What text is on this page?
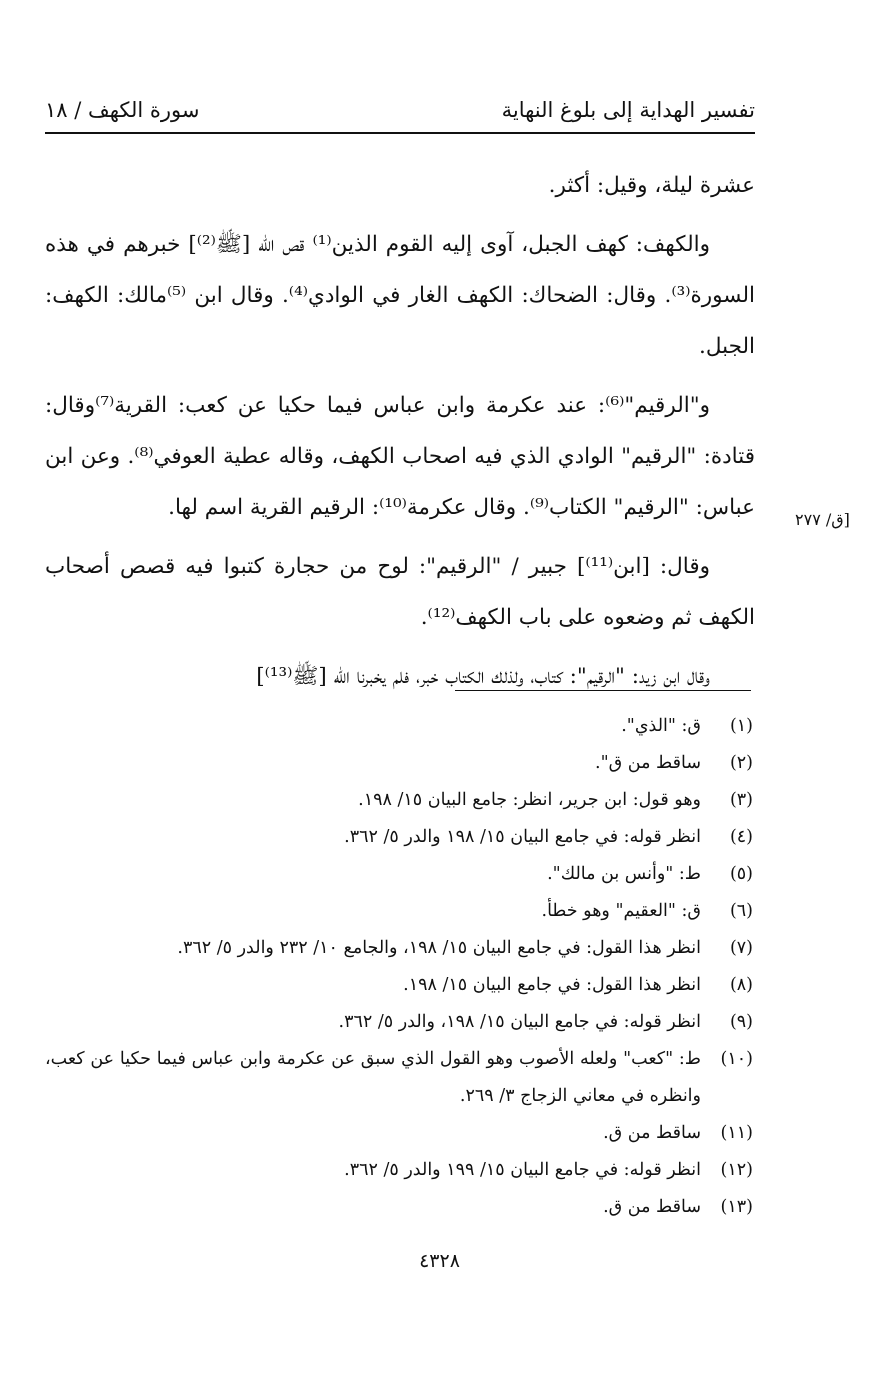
تفسير الهداية إلى بلوغ النهاية
سورة الكهف / ١٨
[ق/ ٢٧٧

عشرة ليلة، وقيل: أكثر.

والكهف: كهف الجبل، آوى إليه القوم الذين⁽¹⁾ قص الله [ﷺ⁽²⁾] خبرهم في هذه السورة⁽³⁾. وقال: الضحاك: الكهف الغار في الوادي⁽⁴⁾. وقال ابن ⁽⁵⁾مالك: الكهف: الجبل.

و"الرقيم"⁽⁶⁾: عند عكرمة وابن عباس فيما حكيا عن كعب: القرية⁽⁷⁾وقال: قتادة: "الرقيم" الوادي الذي فيه اصحاب الكهف، وقاله عطية العوفي⁽⁸⁾. وعن ابن عباس: "الرقيم" الكتاب⁽⁹⁾. وقال عكرمة⁽¹⁰⁾: الرقيم القرية اسم لها.

وقال: [ابن⁽¹¹⁾] جبير / "الرقيم": لوح من حجارة كتبوا فيه قصص أصحاب الكهف ثم وضعوه على باب الكهف⁽¹²⁾.

وقال ابن زيد: "الرقيم": كتاب، ولذلك الكتاب خبر، فلم يخبرنا الله [ﷺ⁽¹³⁾]

(١)
ق: "الذي".
(٢)
ساقط من ق".
(٣)
وهو قول: ابن جرير، انظر: جامع البيان ١٥/ ١٩٨.
(٤)
انظر قوله: في جامع البيان ١٥/ ١٩٨ والدر ٥/ ٣٦٢.
(٥)
ط: "وأنس بن مالك".
(٦)
ق: "العقيم" وهو خطأ.
(٧)
انظر هذا القول: في جامع البيان ١٥/ ١٩٨، والجامع ١٠/ ٢٣٢ والدر ٥/ ٣٦٢.
(٨)
انظر هذا القول: في جامع البيان ١٥/ ١٩٨.
(٩)
انظر قوله: في جامع البيان ١٥/ ١٩٨، والدر ٥/ ٣٦٢.
(١٠)
ط: "كعب" ولعله الأصوب وهو القول الذي سبق عن عكرمة وابن عباس فيما حكيا عن كعب، وانظره في معاني الزجاج ٣/ ٢٦٩.
(١١)
ساقط من ق.
(١٢)
انظر قوله: في جامع البيان ١٥/ ١٩٩ والدر ٥/ ٣٦٢.
(١٣)
ساقط من ق.
٤٣٢٨
